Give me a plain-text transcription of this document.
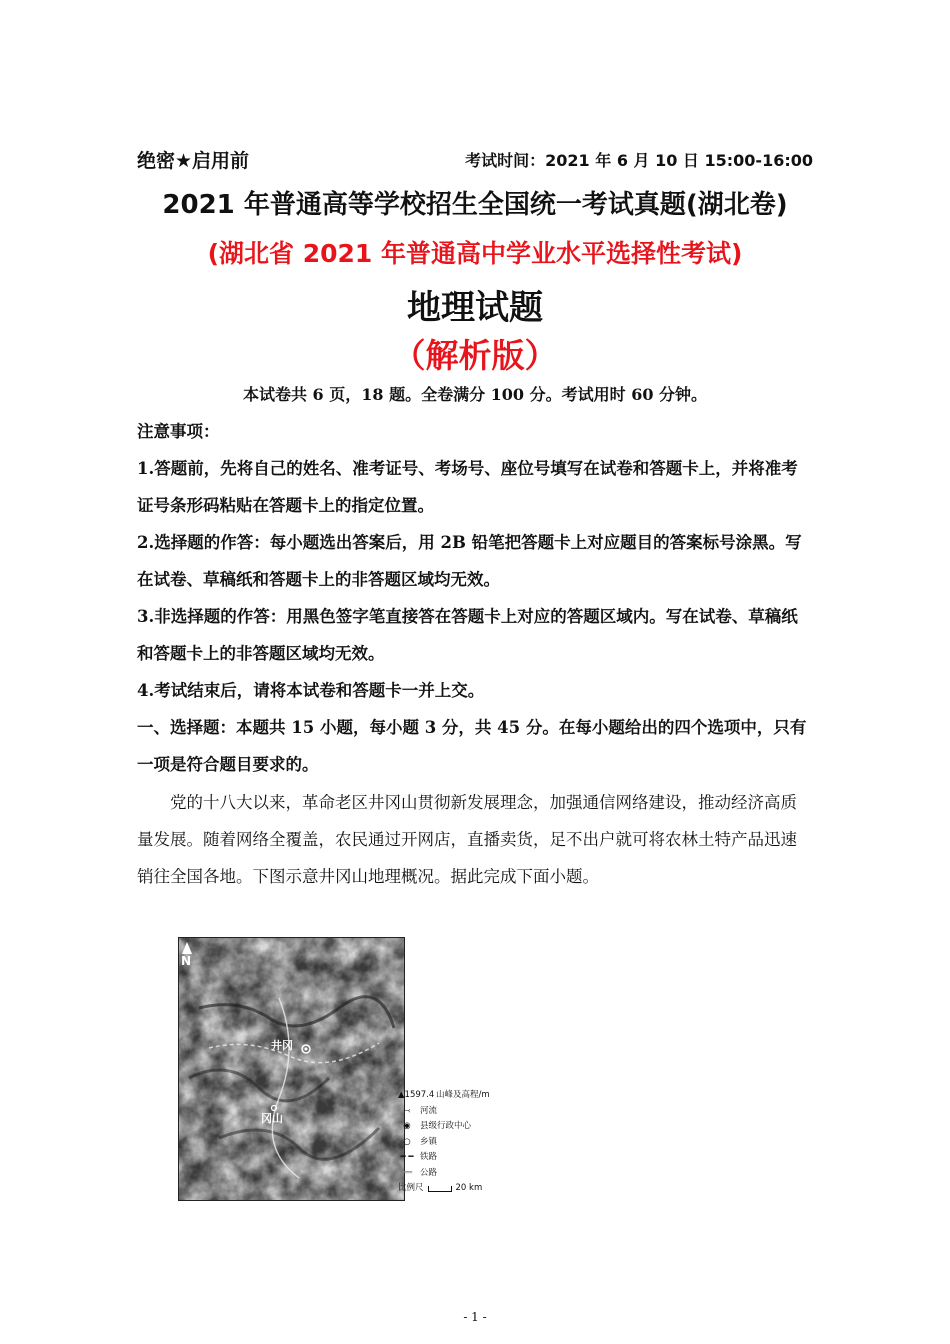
绝密★启用前	考试时间：2021 年 6 月 10 日 15:00-16:00
2021 年普通高等学校招生全国统一考试真题(湖北卷)
(湖北省 2021 年普通高中学业水平选择性考试)
地理试题
（解析版）
本试卷共 6 页，18 题。全卷满分 100 分。考试用时 60 分钟。
注意事项：
1.答题前，先将自己的姓名、准考证号、考场号、座位号填写在试卷和答题卡上，并将准考证号条形码粘贴在答题卡上的指定位置。
2.选择题的作答：每小题选出答案后，用 2B 铅笔把答题卡上对应题目的答案标号涂黑。写在试卷、草稿纸和答题卡上的非答题区域均无效。
3.非选择题的作答：用黑色签字笔直接答在答题卡上对应的答题区域内。写在试卷、草稿纸和答题卡上的非答题区域均无效。
4.考试结束后，请将本试卷和答题卡一并上交。
一、选择题：本题共 15 小题，每小题 3 分，共 45 分。在每小题给出的四个选项中，只有一项是符合题目要求的。
党的十八大以来，革命老区井冈山贯彻新发展理念，加强通信网络建设，推动经济高质量发展。随着网络全覆盖，农民通过开网店，直播卖货，足不出户就可将农林土特产品迅速销往全国各地。下图示意井冈山地理概况。据此完成下面小题。
N
井冈
冈山
▲1597.4 山峰及高程/m
⤙	河流
◉	县级行政中心
○	乡镇
━ ━ 铁路
══ 公路
比例尺	20 km
- 1 -
